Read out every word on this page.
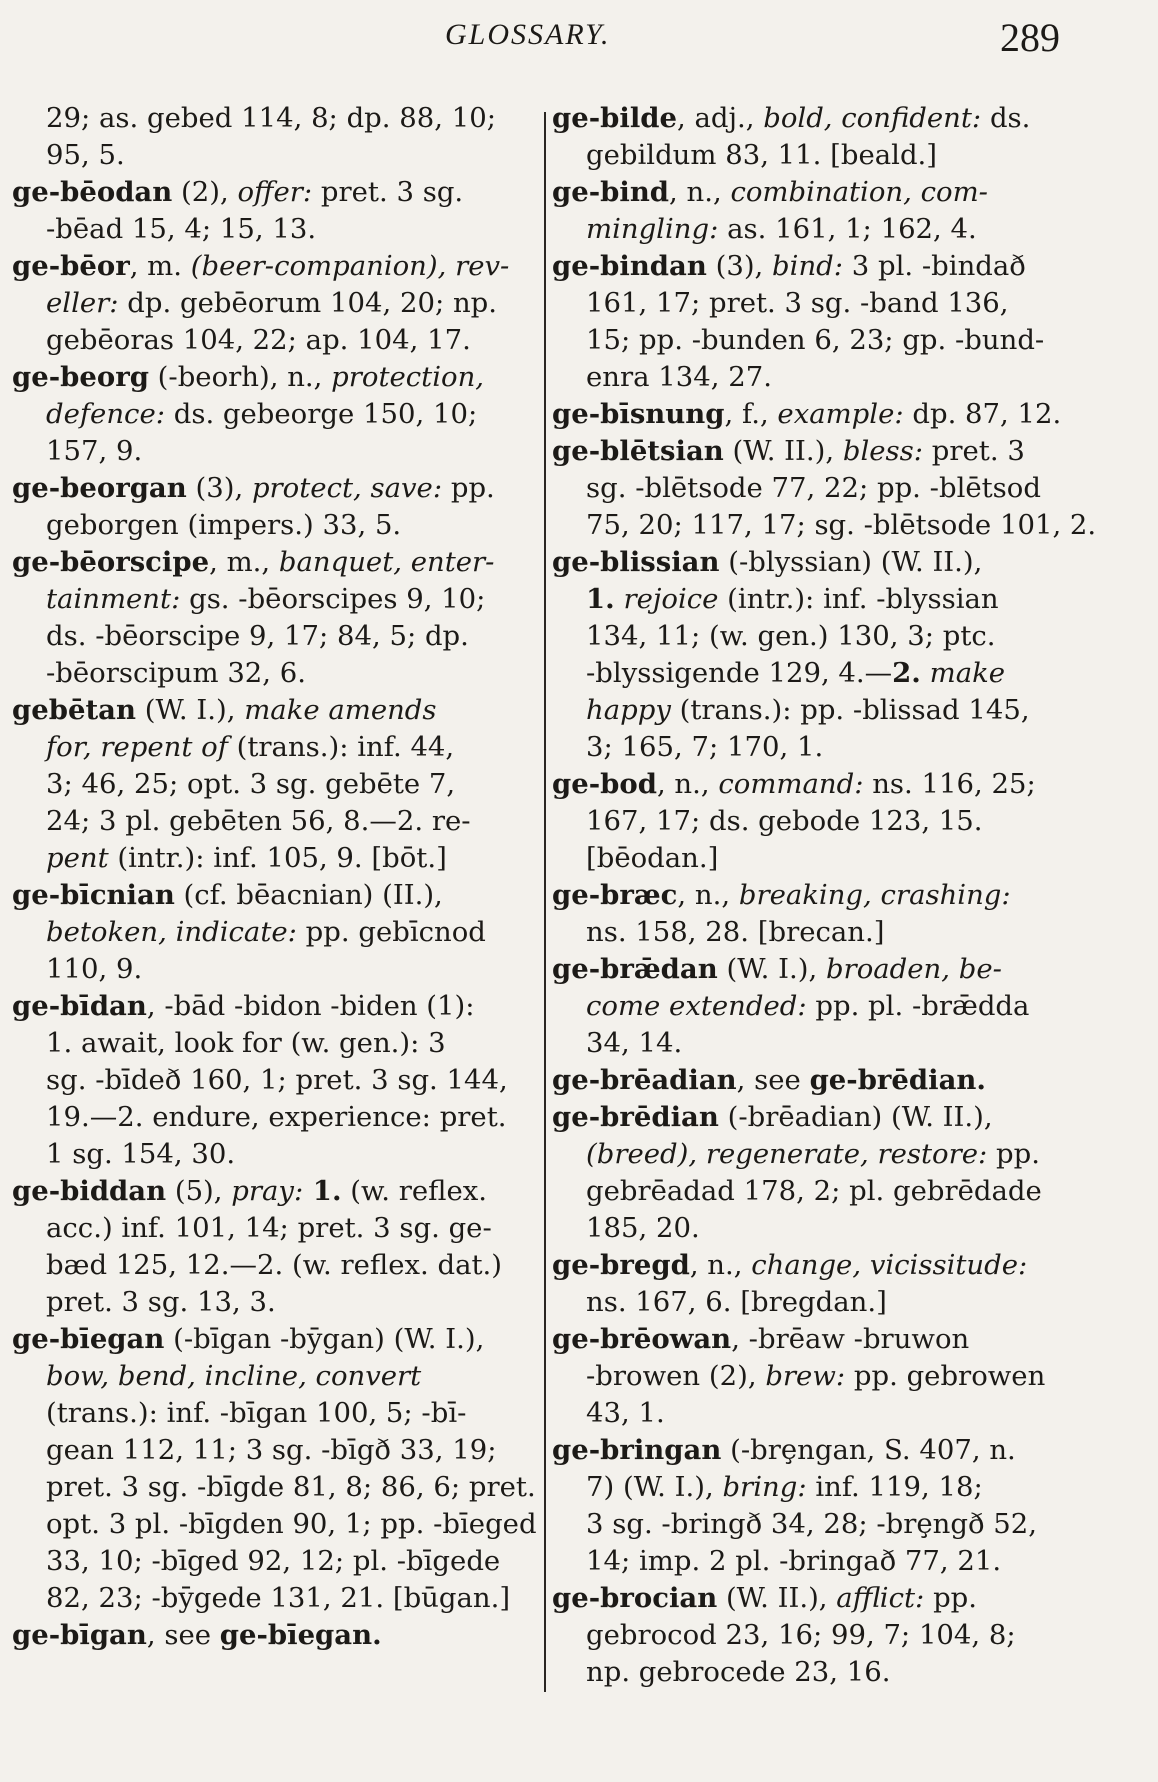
GLOSSARY.	289
29; as. gebed 114, 8; dp. 88, 10;
95, 5.
ge-bēodan (2), offer: pret. 3 sg.
-bēad 15, 4; 15, 13.
ge-bēor, m. (beer-companion), rev-
eller: dp. gebēorum 104, 20; np.
gebēoras 104, 22; ap. 104, 17.
ge-beorg (-beorh), n., protection,
defence: ds. gebeorge 150, 10;
157, 9.
ge-beorgan (3), protect, save: pp.
geborgen (impers.) 33, 5.
ge-bēorscipe, m., banquet, enter-
tainment: gs. -bēorscipes 9, 10;
ds. -bēorscipe 9, 17; 84, 5; dp.
-bēorscipum 32, 6.
gebētan (W. I.), make amends
for, repent of (trans.): inf. 44,
3; 46, 25; opt. 3 sg. gebēte 7,
24; 3 pl. gebēten 56, 8.—2. re-
pent (intr.): inf. 105, 9. [bōt.]
ge-bīcnian (cf. bēacnian) (II.),
betoken, indicate: pp. gebīcnod
110, 9.
ge-bīdan, -bād -bidon -biden (1):
1. await, look for (w. gen.): 3
sg. -bīdeð 160, 1; pret. 3 sg. 144,
19.—2. endure, experience: pret.
1 sg. 154, 30.
ge-biddan (5), pray: 1. (w. reflex.
acc.) inf. 101, 14; pret. 3 sg. ge-
bæd 125, 12.—2. (w. reflex. dat.)
pret. 3 sg. 13, 3.
ge-bīegan (-bīgan -bȳgan) (W. I.),
bow, bend, incline, convert
(trans.): inf. -bīgan 100, 5; -bī-
gean 112, 11; 3 sg. -bīgð 33, 19;
pret. 3 sg. -bīgde 81, 8; 86, 6; pret.
opt. 3 pl. -bīgden 90, 1; pp. -bīeged
33, 10; -bīged 92, 12; pl. -bīgede
82, 23; -bȳgede 131, 21. [būgan.]
ge-bīgan, see ge-bīegan.
ge-bilde, adj., bold, confident: ds.
gebildum 83, 11. [beald.]
ge-bind, n., combination, com-
mingling: as. 161, 1; 162, 4.
ge-bindan (3), bind: 3 pl. -bindað
161, 17; pret. 3 sg. -band 136,
15; pp. -bunden 6, 23; gp. -bund-
enra 134, 27.
ge-bīsnung, f., example: dp. 87, 12.
ge-blētsian (W. II.), bless: pret. 3
sg. -blētsode 77, 22; pp. -blētsod
75, 20; 117, 17; sg. -blētsode 101, 2.
ge-blissian (-blyssian) (W. II.),
1. rejoice (intr.): inf. -blyssian
134, 11; (w. gen.) 130, 3; ptc.
-blyssigende 129, 4.—2. make
happy (trans.): pp. -blissad 145,
3; 165, 7; 170, 1.
ge-bod, n., command: ns. 116, 25;
167, 17; ds. gebode 123, 15.
[bēodan.]
ge-bræc, n., breaking, crashing:
ns. 158, 28. [brecan.]
ge-brǣdan (W. I.), broaden, be-
come extended: pp. pl. -brǣdda
34, 14.
ge-brēadian, see ge-brēdian.
ge-brēdian (-brēadian) (W. II.),
(breed), regenerate, restore: pp.
gebrēadad 178, 2; pl. gebrēdade
185, 20.
ge-bregd, n., change, vicissitude:
ns. 167, 6. [bregdan.]
ge-brēowan, -brēaw -bruwon
-browen (2), brew: pp. gebrowen
43, 1.
ge-bringan (-brȩngan, S. 407, n.
7) (W. I.), bring: inf. 119, 18;
3 sg. -bringð 34, 28; -brȩngð 52,
14; imp. 2 pl. -bringað 77, 21.
ge-brocian (W. II.), afflict: pp.
gebrocod 23, 16; 99, 7; 104, 8;
np. gebrocede 23, 16.
